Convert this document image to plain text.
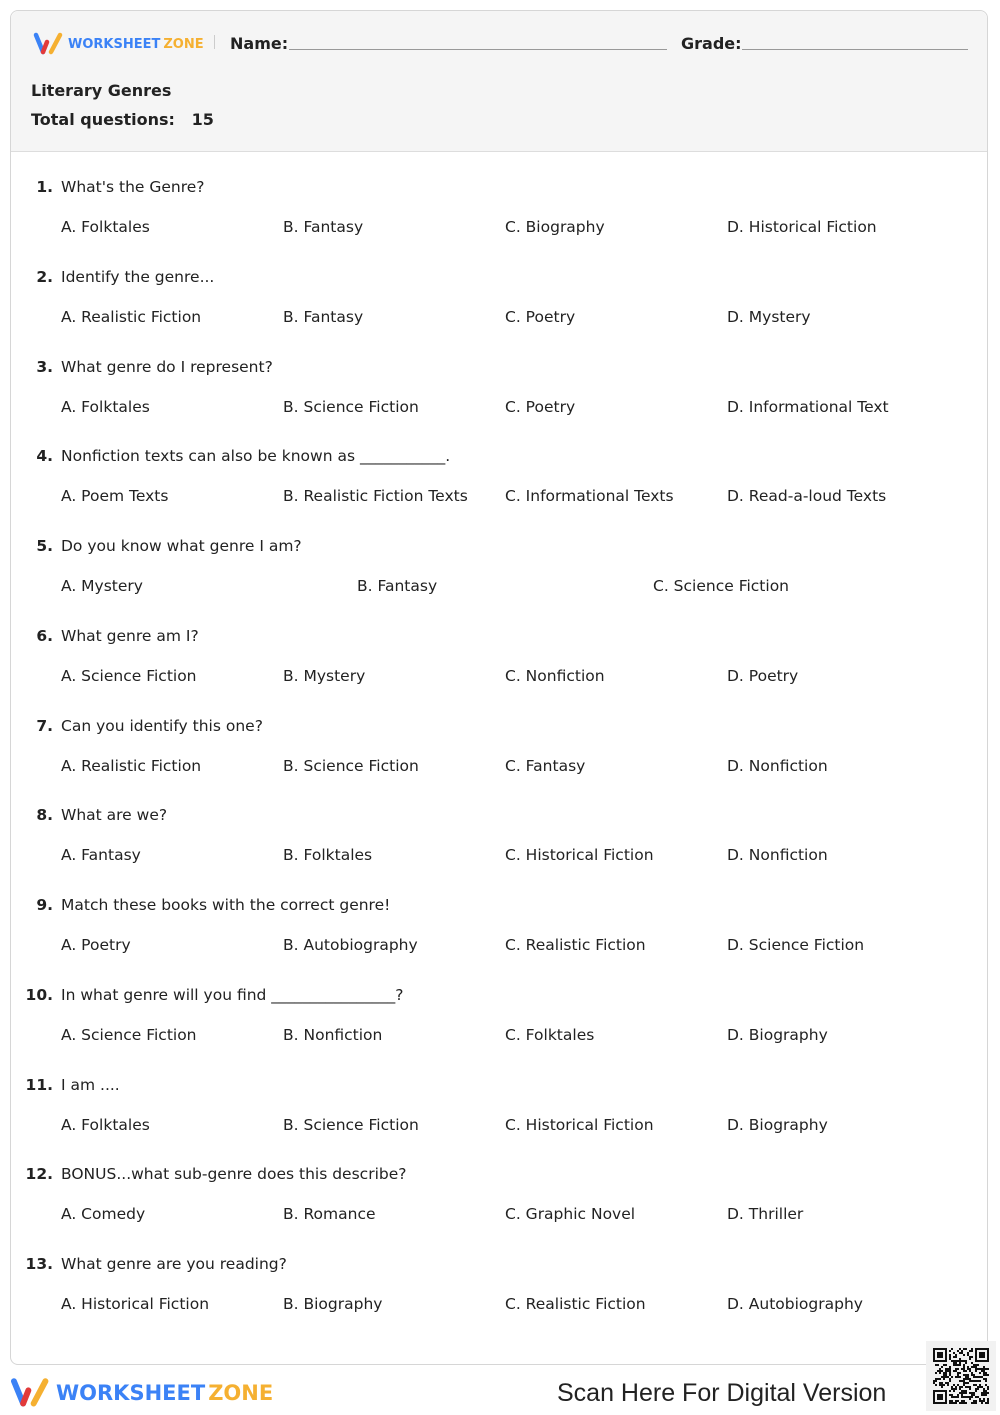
WORKSHEET ZONE Name:	Grade:
Literary Genres
Total questions: 15
1. What's the Genre?
A. Folktales	B. Fantasy	C. Biography	D. Historical Fiction
2. Identify the genre...
A. Realistic Fiction	B. Fantasy	C. Poetry	D. Mystery
3. What genre do I represent?
A. Folktales	B. Science Fiction	C. Poetry	D. Informational Text
4. Nonfiction texts can also be known as ___________.
A. Poem Texts	B. Realistic Fiction Texts C. Informational Texts	D. Read-a-loud Texts
5. Do you know what genre I am?
A. Mystery	B. Fantasy	C. Science Fiction
6. What genre am I?
A. Science Fiction	B. Mystery	C. Nonfiction	D. Poetry
7. Can you identify this one?
A. Realistic Fiction	B. Science Fiction	C. Fantasy	D. Nonfiction
8. What are we?
A. Fantasy	B. Folktales	C. Historical Fiction	D. Nonfiction
9. Match these books with the correct genre!
A. Poetry	B. Autobiography	C. Realistic Fiction	D. Science Fiction
10. In what genre will you find ________________?
A. Science Fiction	B. Nonfiction	C. Folktales	D. Biography
11. I am ....
A. Folktales	B. Science Fiction	C. Historical Fiction	D. Biography
12. BONUS...what sub-genre does this describe?
A. Comedy	B. Romance	C. Graphic Novel	D. Thriller
13. What genre are you reading?
A. Historical Fiction	B. Biography	C. Realistic Fiction	D. Autobiography
WORKSHEET ZONE	Scan Here For Digital Version
